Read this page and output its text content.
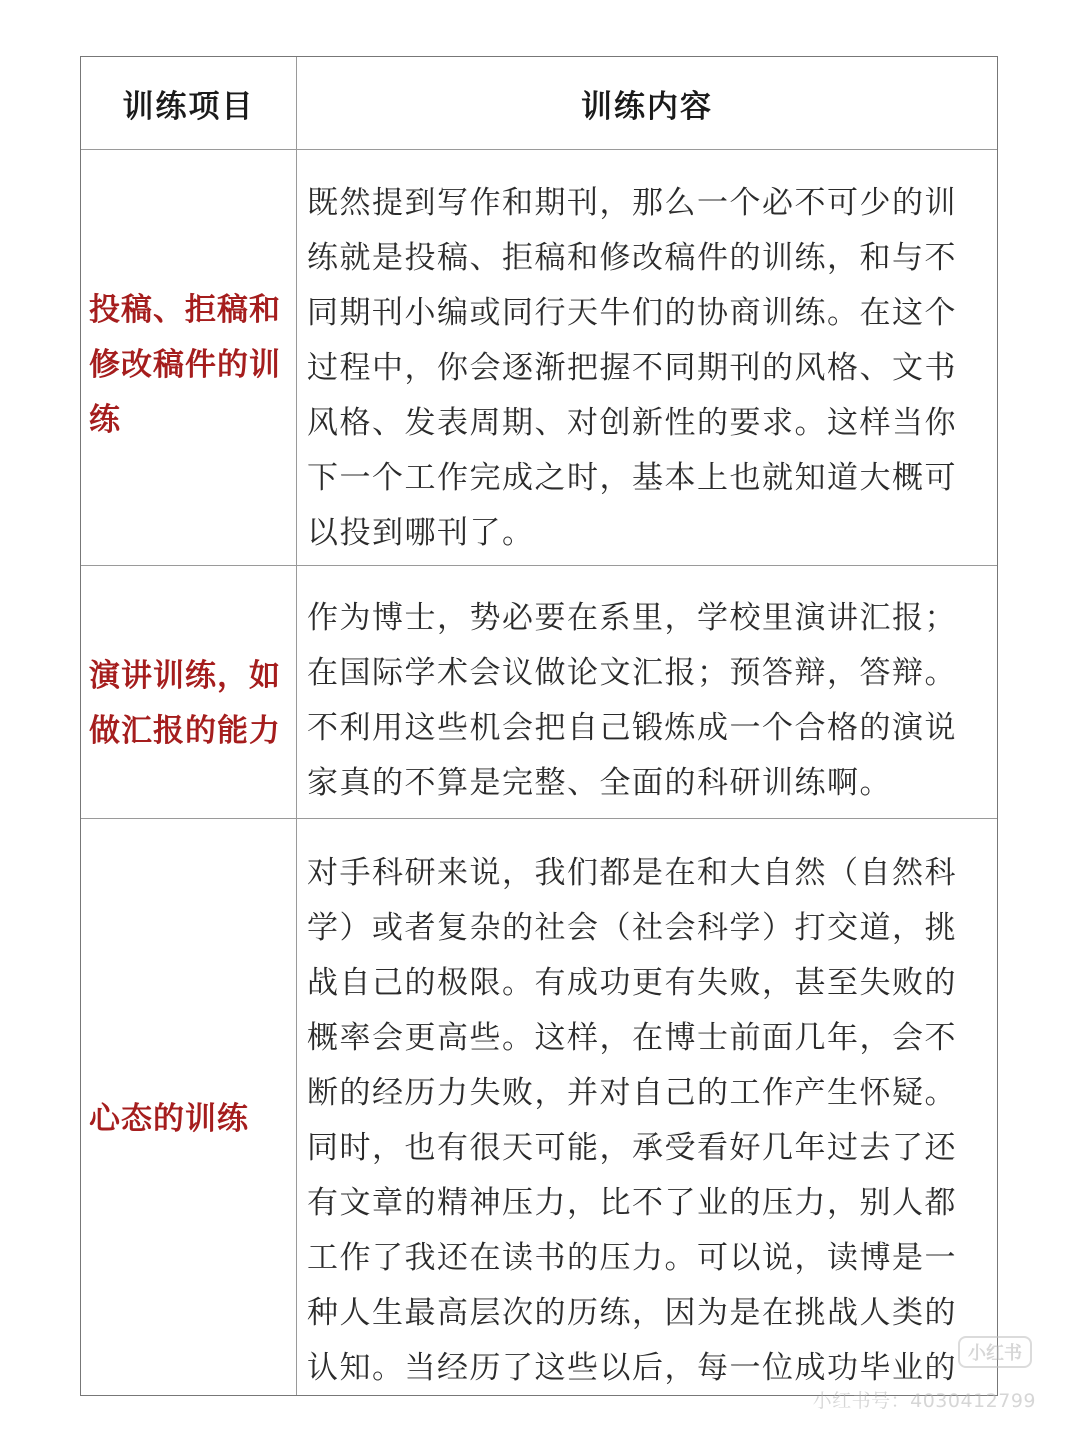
训练项目	训练内容
投稿、拒稿和修改稿件的训练

既然提到写作和期刊，那么一个必不可少的训练就是投稿、拒稿和修改稿件的训练，和与不同期刊小编或同行天牛们的协商训练。在这个过程中，你会逐渐把握不同期刊的风格、文书风格、发表周期、对创新性的要求。这样当你下一个工作完成之时，基本上也就知道大概可以投到哪刊了。

演讲训练，如做汇报的能力

作为博士，势必要在系里，学校里演讲汇报；在国际学术会议做论文汇报；预答辩，答辩。不利用这些机会把自己锻炼成一个合格的演说家真的不算是完整、全面的科研训练啊。

心态的训练

对手科研来说，我们都是在和大自然（自然科学）或者复杂的社会（社会科学）打交道，挑战自己的极限。有成功更有失败，甚至失败的概率会更高些。这样，在博士前面几年，会不断的经历力失败，并对自己的工作产生怀疑。同时，也有很天可能，承受看好几年过去了还有文章的精神压力，比不了业的压力，别人都工作了我还在读书的压力。可以说，读博是一种人生最高层次的历练，因为是在挑战人类的认知。当经历了这些以后，每一位成功毕业的 小红书
小红书号：4030412799
